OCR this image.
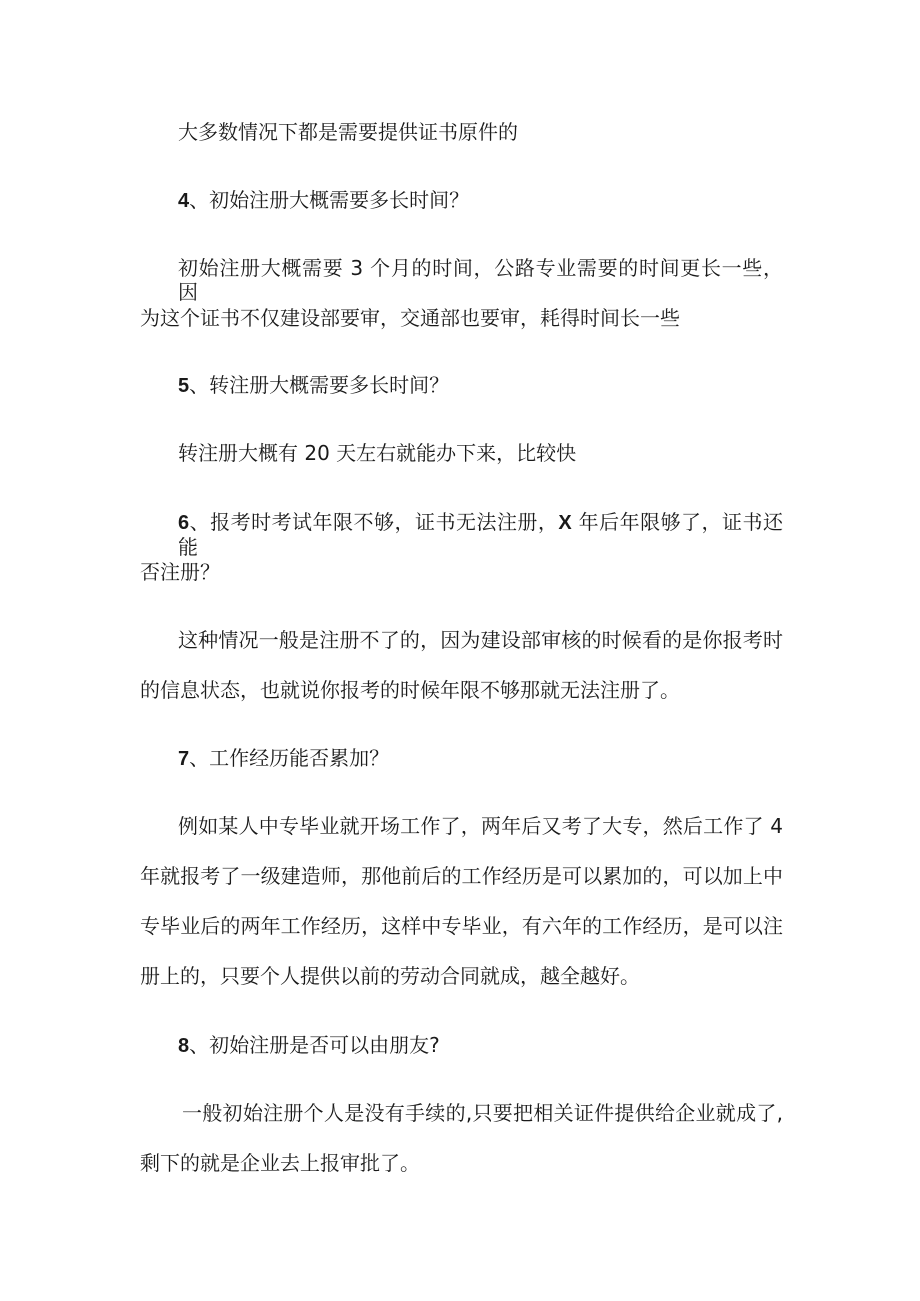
大多数情况下都是需要提供证书原件的
4、初始注册大概需要多长时间？
初始注册大概需要 3 个月的时间，公路专业需要的时间更长一些，因
为这个证书不仅建设部要审，交通部也要审，耗得时间长一些
5、转注册大概需要多长时间？
转注册大概有 20 天左右就能办下来，比较快
6、报考时考试年限不够，证书无法注册，X 年后年限够了，证书还能
否注册？
这种情况一般是注册不了的，因为建设部审核的时候看的是你报考时
的信息状态，也就说你报考的时候年限不够那就无法注册了。
7、工作经历能否累加？
例如某人中专毕业就开场工作了，两年后又考了大专，然后工作了 4
年就报考了一级建造师，那他前后的工作经历是可以累加的，可以加上中
专毕业后的两年工作经历，这样中专毕业，有六年的工作经历，是可以注
册上的，只要个人提供以前的劳动合同就成，越全越好。
8、初始注册是否可以由朋友?
一般初始注册个人是没有手续的,只要把相关证件提供给企业就成了,
剩下的就是企业去上报审批了。
